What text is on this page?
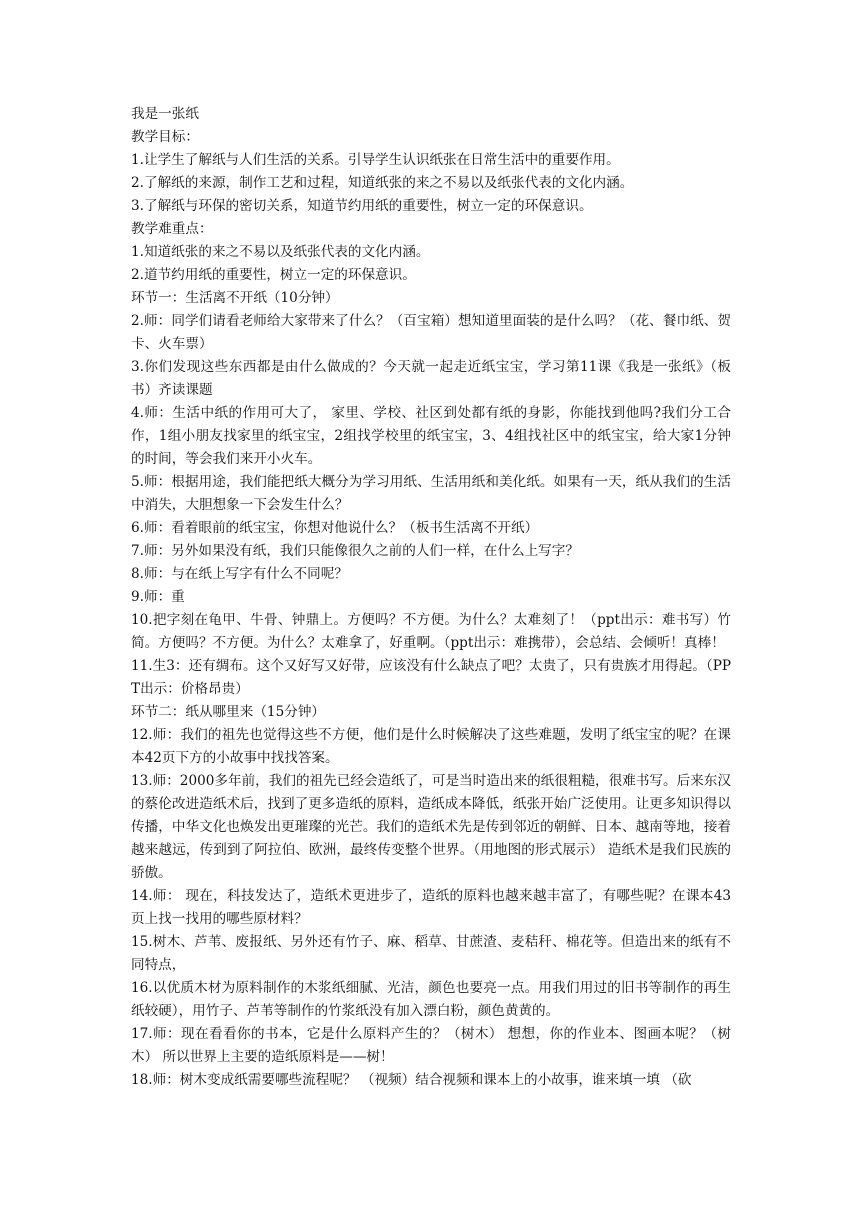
我是一张纸

教学目标：

1.让学生了解纸与人们生活的关系。引导学生认识纸张在日常生活中的重要作用。

2.了解纸的来源，制作工艺和过程，知道纸张的来之不易以及纸张代表的文化内涵。

3.了解纸与环保的密切关系，知道节约用纸的重要性，树立一定的环保意识。

教学难重点：

1.知道纸张的来之不易以及纸张代表的文化内涵。

2.道节约用纸的重要性，树立一定的环保意识。

环节一：生活离不开纸（10分钟）

2.师：同学们请看老师给大家带来了什么？（百宝箱）想知道里面装的是什么吗？（花、餐巾纸、贺卡、火车票）

3.你们发现这些东西都是由什么做成的？今天就一起走近纸宝宝，学习第11课《我是一张纸》（板书）齐读课题

4.师：生活中纸的作用可大了， 家里、学校、社区到处都有纸的身影，你能找到他吗?我们分工合作，1组小朋友找家里的纸宝宝，2组找学校里的纸宝宝，3、4组找社区中的纸宝宝，给大家1分钟的时间，等会我们来开小火车。

5.师：根据用途，我们能把纸大概分为学习用纸、生活用纸和美化纸。如果有一天，纸从我们的生活中消失，大胆想象一下会发生什么？

6.师：看着眼前的纸宝宝，你想对他说什么？（板书生活离不开纸）

7.师：另外如果没有纸，我们只能像很久之前的人们一样，在什么上写字？

8.师：与在纸上写字有什么不同呢？

9.师：重

10.把字刻在龟甲、牛骨、钟鼎上。方便吗？不方便。为什么？太难刻了！（ppt出示：难书写）竹简。方便吗？不方便。为什么？太难拿了，好重啊。（ppt出示：难携带），会总结、会倾听！真棒！

11.生3：还有绸布。这个又好写又好带，应该没有什么缺点了吧？太贵了，只有贵族才用得起。（PPT出示：价格昂贵）

环节二：纸从哪里来（15分钟）

12.师：我们的祖先也觉得这些不方便，他们是什么时候解决了这些难题，发明了纸宝宝的呢？在课本42页下方的小故事中找找答案。

13.师：2000多年前，我们的祖先已经会造纸了，可是当时造出来的纸很粗糙，很难书写。后来东汉的蔡伦改进造纸术后，找到了更多造纸的原料，造纸成本降低，纸张开始广泛使用。让更多知识得以传播，中华文化也焕发出更璀璨的光芒。我们的造纸术先是传到邻近的朝鲜、日本、越南等地，接着越来越远，传到到了阿拉伯、欧洲，最终传变整个世界。（用地图的形式展示） 造纸术是我们民族的骄傲。

14.师： 现在，科技发达了，造纸术更进步了，造纸的原料也越来越丰富了，有哪些呢？在课本43页上找一找用的哪些原材料？

15.树木、芦苇、废报纸、另外还有竹子、麻、稻草、甘蔗渣、麦秸秆、棉花等。但造出来的纸有不同特点，

16.以优质木材为原料制作的木浆纸细腻、光洁，颜色也要亮一点。用我们用过的旧书等制作的再生纸较硬），用竹子、芦苇等制作的竹浆纸没有加入漂白粉，颜色黄黄的。

17.师：现在看看你的书本，它是什么原料产生的？（树木） 想想，你的作业本、图画本呢？（树木） 所以世界上主要的造纸原料是——树！

18.师：树木变成纸需要哪些流程呢？ （视频）结合视频和课本上的小故事，谁来填一填 （砍
